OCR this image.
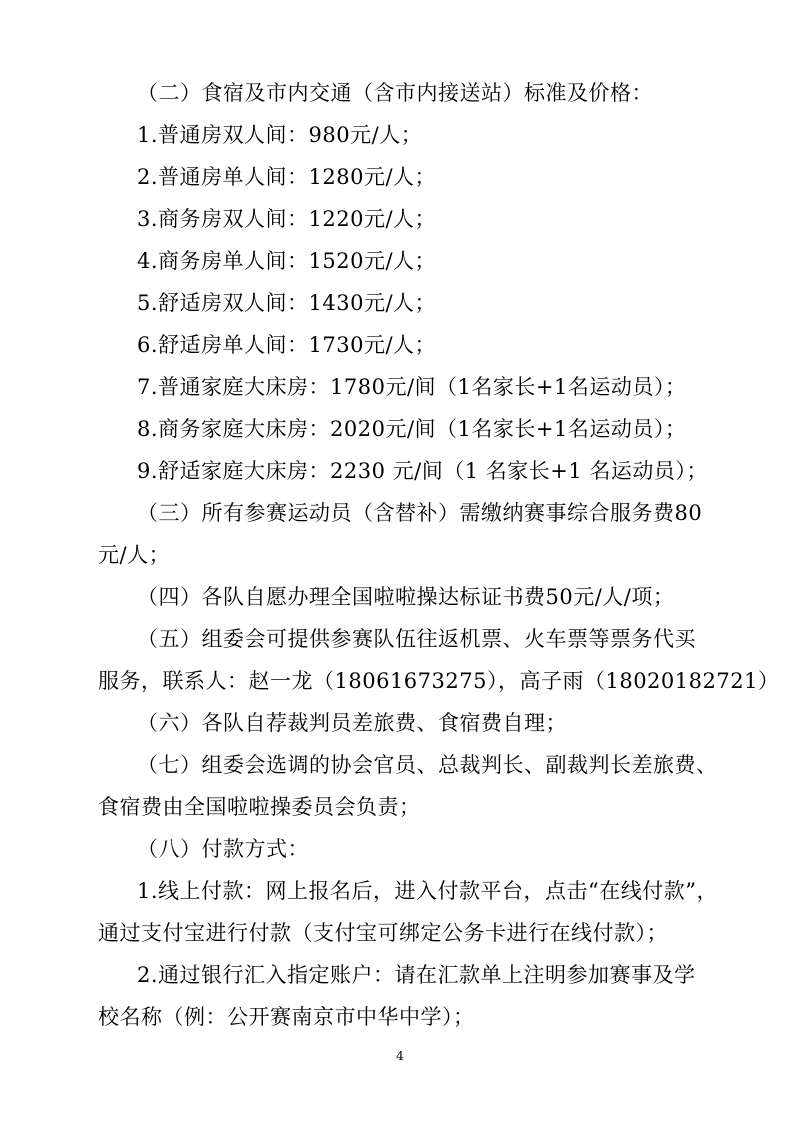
（二）食宿及市内交通（含市内接送站）标准及价格：
1.普通房双人间：980元/人；
2.普通房单人间：1280元/人；
3.商务房双人间：1220元/人；
4.商务房单人间：1520元/人；
5.舒适房双人间：1430元/人；
6.舒适房单人间：1730元/人；
7.普通家庭大床房：1780元/间（1名家长+1名运动员）；
8.商务家庭大床房：2020元/间（1名家长+1名运动员）；
9.舒适家庭大床房：2230 元/间（1 名家长+1 名运动员）；
（三）所有参赛运动员（含替补）需缴纳赛事综合服务费80
元/人；
（四）各队自愿办理全国啦啦操达标证书费50元/人/项；
（五）组委会可提供参赛队伍往返机票、火车票等票务代买
服务，联系人：赵一龙（18061673275），高子雨（18020182721）
（六）各队自荐裁判员差旅费、食宿费自理；
（七）组委会选调的协会官员、总裁判长、副裁判长差旅费、
食宿费由全国啦啦操委员会负责；
（八）付款方式：
1.线上付款：网上报名后，进入付款平台，点击“在线付款”，
通过支付宝进行付款（支付宝可绑定公务卡进行在线付款）；
2.通过银行汇入指定账户：请在汇款单上注明参加赛事及学
校名称（例：公开赛南京市中华中学）；
4
